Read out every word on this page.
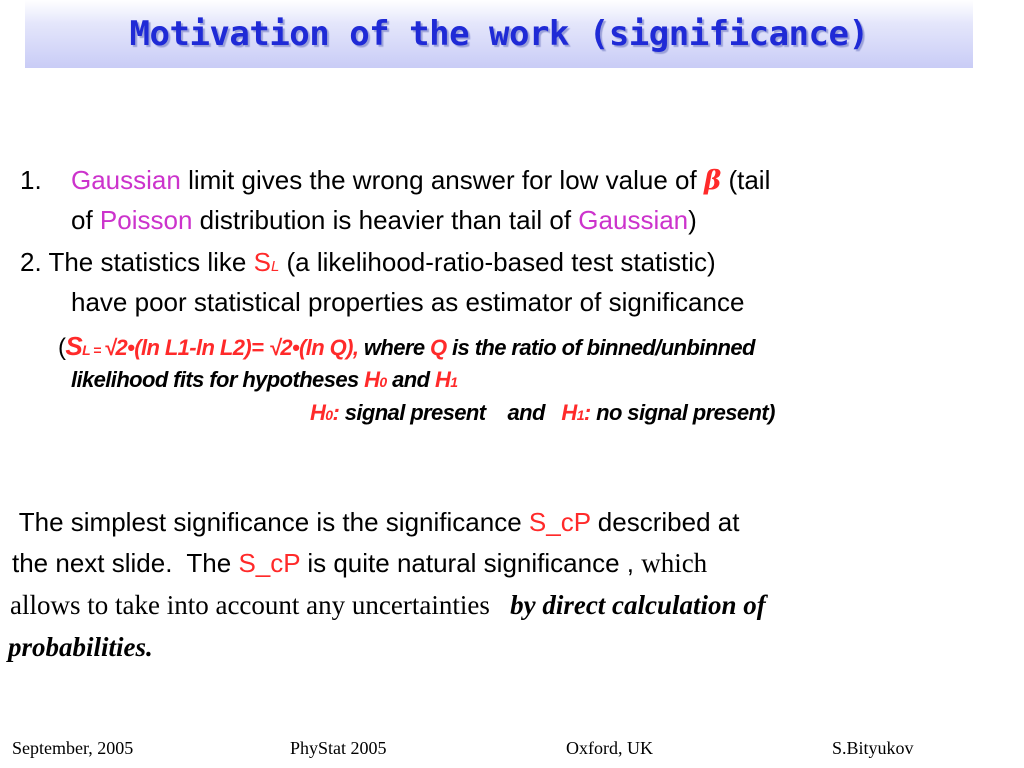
Motivation of the work (significance)
1. Gaussian limit gives the wrong answer for low value of β (tail
of Poisson distribution is heavier than tail of Gaussian)
2. The statistics like SL (a likelihood-ratio-based test statistic)
have poor statistical properties as estimator of significance
(SL = √2•(ln L1-ln L2)= √2•(ln Q), where Q is the ratio of binned/unbinned
likelihood fits for hypotheses H0 and H1
H0: signal present    and   H1: no signal present)
The simplest significance is the significance S_cP described at
the next slide.  The S_cP is quite natural significance , which
allows to take into account any uncertainties   by direct calculation of
probabilities.
September, 2005	PhyStat 2005	Oxford, UK	S.Bityukov
